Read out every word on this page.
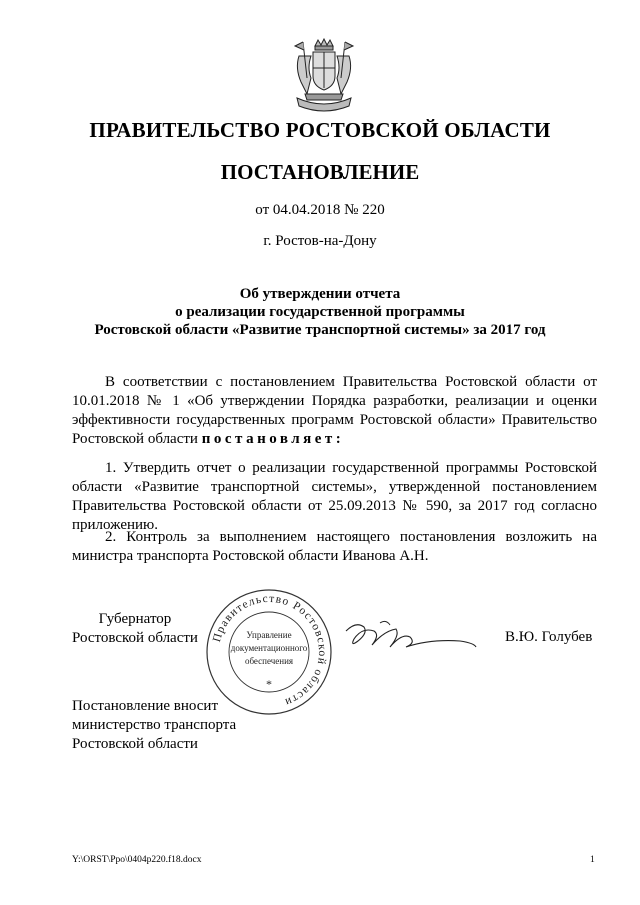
ПРАВИТЕЛЬСТВО РОСТОВСКОЙ ОБЛАСТИ
ПОСТАНОВЛЕНИЕ
от 04.04.2018 № 220
г. Ростов-на-Дону
Об утверждении отчета
о реализации государственной программы
Ростовской области «Развитие транспортной системы» за 2017 год
В соответствии с постановлением Правительства Ростовской области от 10.01.2018 № 1 «Об утверждении Порядка разработки, реализации и оценки эффективности государственных программ Ростовской области» Правительство Ростовской области постановляет:
1. Утвердить отчет о реализации государственной программы Ростовской области «Развитие транспортной системы», утвержденной постановлением Правительства Ростовской области от 25.09.2013 № 590, за 2017 год согласно приложению.
2. Контроль за выполнением настоящего постановления возложить на министра транспорта Ростовской области Иванова А.Н.
Губернатор
Ростовской области Правительство Ростовской области
Управление
документационного
обеспечения
*
В.Ю. Голубев
Постановление вносит
министерство транспорта
Ростовской области
Y:\ORST\Ppo\0404p220.f18.docx	1
